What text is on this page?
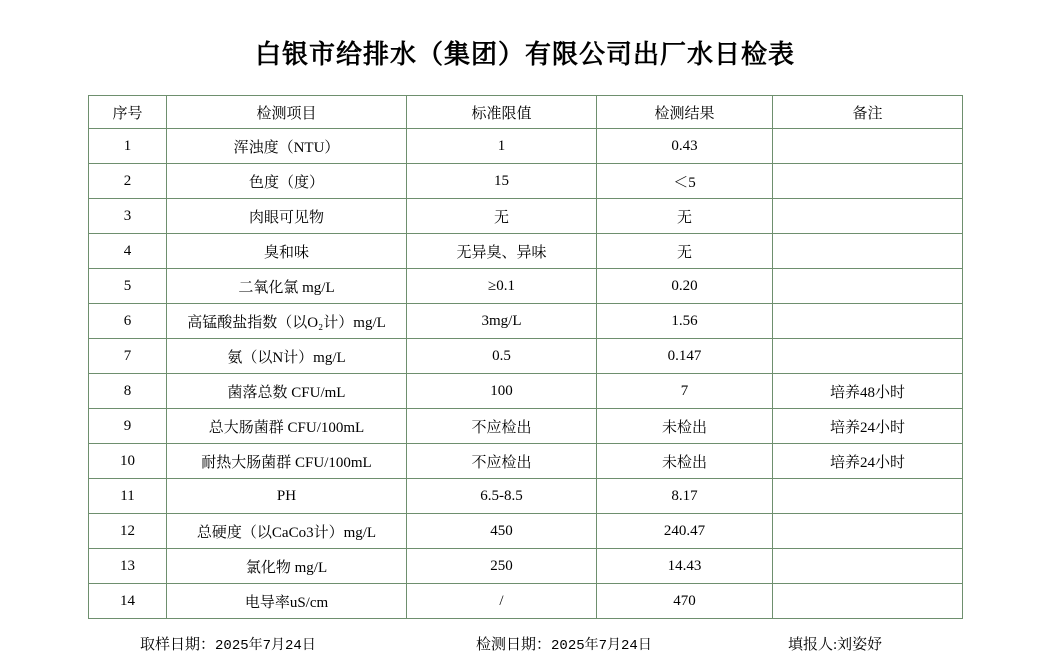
白银市给排水（集团）有限公司出厂水日检表
序号	检测项目	标准限值	检测结果	备注
1	浑浊度（NTU）	1	0.43	
2	色度（度）	15	＜5	
3	肉眼可见物	无	无	
4	臭和味	无异臭、异味	无	
5	二氧化氯 mg/L	≥0.1	0.20	
6	高锰酸盐指数（以O₂计）mg/L	3mg/L	1.56	
7	氨（以N计）mg/L	0.5	0.147	
8	菌落总数 CFU/mL	100	7	培养48小时
9	总大肠菌群 CFU/100mL	不应检出	未检出	培养24小时
10	耐热大肠菌群 CFU/100mL	不应检出	未检出	培养24小时
11	PH	6.5-8.5	8.17	
12	总硬度（以CaCo3计）mg/L	450	240.47	
13	氯化物 mg/L	250	14.43	
14	电导率uS/cm	/	470	
取样日期：2025年7月24日	检测日期：2025年7月24日	填报人:刘姿妤
